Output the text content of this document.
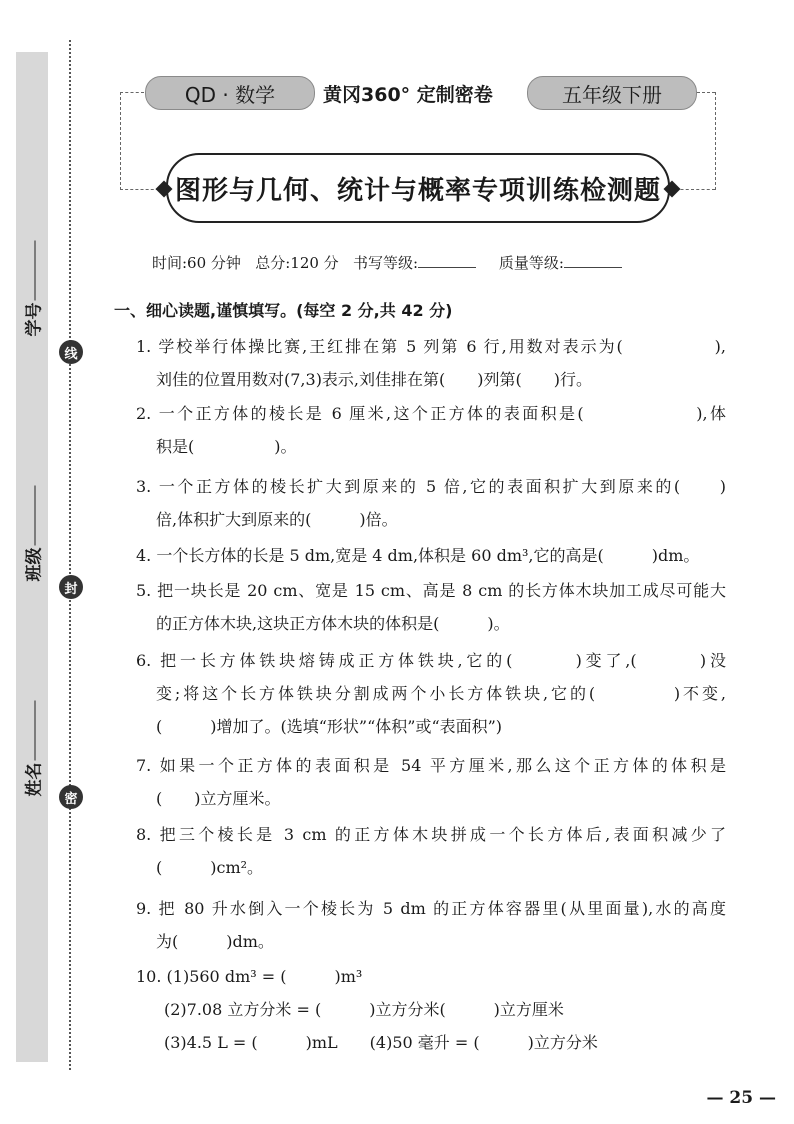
线
封
密
学号
班级
姓名
QD · 数学	黄冈360° 定制密卷	五年级下册
图形与几何、统计与概率专项训练检测题
时间:60 分钟 总分:120 分 书写等级:	质量等级:
一、细心读题,谨慎填写。(每空 2 分,共 42 分)
1. 学校举行体操比赛,王红排在第 5 列第 6 行,用数对表示为(　　　　　),
刘佳的位置用数对(7,3)表示,刘佳排在第(　　)列第(　　)行。
2. 一个正方体的棱长是 6 厘米,这个正方体的表面积是(　　　　　　),体
积是(　　　　　)。
3. 一个正方体的棱长扩大到原来的 5 倍,它的表面积扩大到原来的(　　)
倍,体积扩大到原来的(　　　)倍。
4. 一个长方体的长是 5 dm,宽是 4 dm,体积是 60 dm³,它的高是(　　　)dm。
5. 把一块长是 20 cm、宽是 15 cm、高是 8 cm 的长方体木块加工成尽可能大
的正方体木块,这块正方体木块的体积是(　　　)。
6. 把一长方体铁块熔铸成正方体铁块,它的(　　　)变了,(　　　)没
变;将这个长方体铁块分割成两个小长方体铁块,它的(　　　　)不变,
(　　　)增加了。(选填“形状”“体积”或“表面积”)
7. 如果一个正方体的表面积是 54 平方厘米,那么这个正方体的体积是
(　　)立方厘米。
8. 把三个棱长是 3 cm 的正方体木块拼成一个长方体后,表面积减少了
(　　　)cm²。
9. 把 80 升水倒入一个棱长为 5 dm 的正方体容器里(从里面量),水的高度
为(　　　)dm。
10. (1)560 dm³ = (　　　)m³
(2)7.08 立方分米 = (　　　)立方分米(　　　)立方厘米
(3)4.5 L = (　　　)mL　　(4)50 毫升 = (　　　)立方分米
— 25 —
